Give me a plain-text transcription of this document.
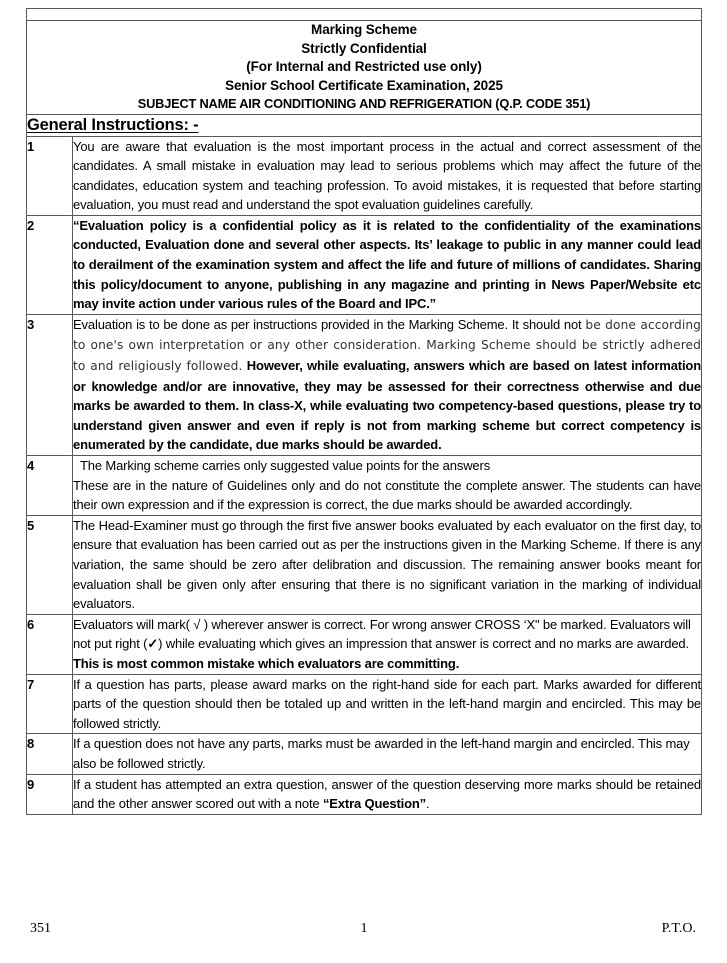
Marking Scheme
Strictly Confidential
(For Internal and Restricted use only)
Senior School Certificate Examination, 2025
SUBJECT NAME AIR CONDITIONING AND REFRIGERATION (Q.P. CODE 351)	

General Instructions: -	
1	You are aware that evaluation is the most important process in the actual and correct assessment of the candidates. A small mistake in evaluation may lead to serious problems which may affect the future of the candidates, education system and teaching profession. To avoid mistakes, it is requested that before starting evaluation, you must read and understand the spot evaluation guidelines carefully.

2	“Evaluation policy is a confidential policy as it is related to the confidentiality of the examinations conducted, Evaluation done and several other aspects. Its’ leakage to public in any manner could lead to derailment of the examination system and affect the life and future of millions of candidates. Sharing this policy/document to anyone, publishing in any magazine and printing in News Paper/Website etc may invite action under various rules of the Board and IPC.”

3	Evaluation is to be done as per instructions provided in the Marking Scheme. It should not be done according to one's own interpretation or any other consideration. Marking Scheme should be strictly adhered to and religiously followed. However, while evaluating, answers which are based on latest information or knowledge and/or are innovative, they may be assessed for their correctness otherwise and due marks be awarded to them. In class-X, while evaluating two competency-based questions, please try to understand given answer and even if reply is not from marking scheme but correct competency is enumerated by the candidate, due marks should be awarded.

4	The Marking scheme carries only suggested value points for the answers

These are in the nature of Guidelines only and do not constitute the complete answer. The students can have their own expression and if the expression is correct, the due marks should be awarded accordingly.

5	The Head-Examiner must go through the first five answer books evaluated by each evaluator on the first day, to ensure that evaluation has been carried out as per the instructions given in the Marking Scheme. If there is any variation, the same should be zero after delibration and discussion. The remaining answer books meant for evaluation shall be given only after ensuring that there is no significant variation in the marking of individual evaluators.

6	Evaluators will mark( √ ) wherever answer is correct. For wrong answer CROSS ‘X" be marked. Evaluators will not put right (✓) while evaluating which gives an impression that answer is correct and no marks are awarded. This is most common mistake which evaluators are committing.

7	If a question has parts, please award marks on the right-hand side for each part. Marks awarded for different parts of the question should then be totaled up and written in the left-hand margin and encircled. This may be followed strictly.

8	If a question does not have any parts, marks must be awarded in the left-hand margin and encircled. This may also be followed strictly.

9	If a student has attempted an extra question, answer of the question deserving more marks should be retained and the other answer scored out with a note “Extra Question”.

351	1	P.T.O.
